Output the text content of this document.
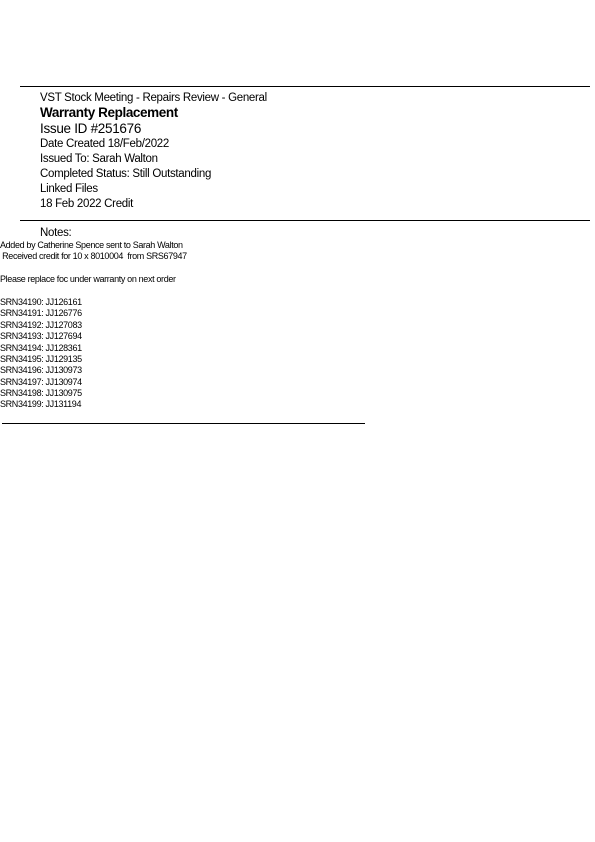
VST Stock Meeting - Repairs Review - General
Warranty Replacement
Issue ID #251676
Date Created 18/Feb/2022
Issued To: Sarah Walton
Completed Status: Still Outstanding
Linked Files
18 Feb 2022 Credit
Notes:
Added by Catherine Spence sent to Sarah Walton
Received credit for 10 x 8010004  from SRS67947
Please replace foc under warranty on next order
SRN34190: JJ126161
SRN34191: JJ126776
SRN34192: JJ127083
SRN34193: JJ127694
SRN34194: JJ128361
SRN34195: JJ129135
SRN34196: JJ130973
SRN34197: JJ130974
SRN34198: JJ130975
SRN34199: JJ131194
